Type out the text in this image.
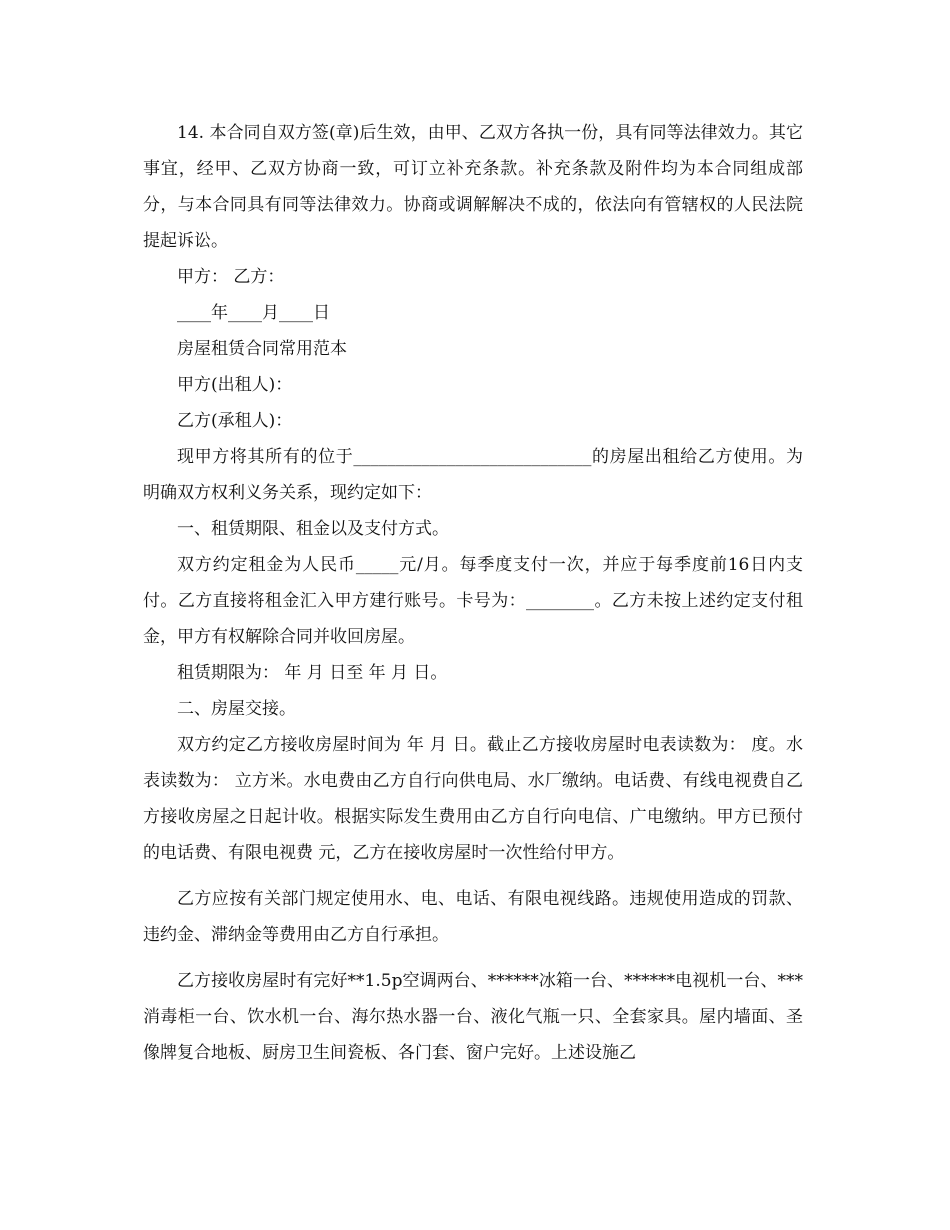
14. 本合同自双方签(章)后生效，由甲、乙双方各执一份，具有同等法律效力。其它事宜，经甲、乙双方协商一致，可订立补充条款。补充条款及附件均为本合同组成部分，与本合同具有同等法律效力。协商或调解解决不成的，依法向有管辖权的人民法院提起诉讼。

甲方： 乙方：

____年____月____日

房屋租赁合同常用范本

甲方(出租人)：

乙方(承租人)：

现甲方将其所有的位于____________________________的房屋出租给乙方使用。为明确双方权利义务关系，现约定如下：

一、租赁期限、租金以及支付方式。

双方约定租金为人民币_____元/月。每季度支付一次，并应于每季度前16日内支付。乙方直接将租金汇入甲方建行账号。卡号为：________。乙方未按上述约定支付租金，甲方有权解除合同并收回房屋。

租赁期限为： 年 月 日至 年 月 日。

二、房屋交接。

双方约定乙方接收房屋时间为 年 月 日。截止乙方接收房屋时电表读数为： 度。水表读数为： 立方米。水电费由乙方自行向供电局、水厂缴纳。电话费、有线电视费自乙方接收房屋之日起计收。根据实际发生费用由乙方自行向电信、广电缴纳。甲方已预付的电话费、有限电视费 元，乙方在接收房屋时一次性给付甲方。

乙方应按有关部门规定使用水、电、电话、有限电视线路。违规使用造成的罚款、违约金、滞纳金等费用由乙方自行承担。

乙方接收房屋时有完好**1.5p空调两台、******冰箱一台、******电视机一台、***消毒柜一台、饮水机一台、海尔热水器一台、液化气瓶一只、全套家具。屋内墙面、圣像牌复合地板、厨房卫生间瓷板、各门套、窗户完好。上述设施乙
